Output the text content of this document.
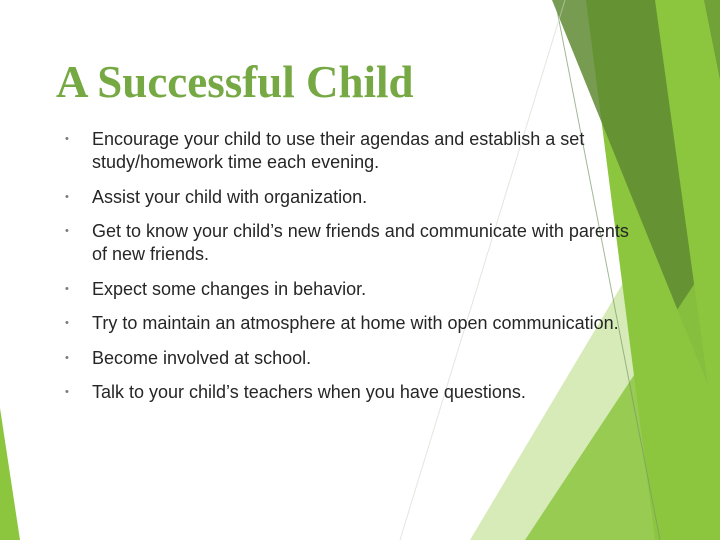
A Successful Child
• Encourage your child to use their agendas and establish a set study/homework time each evening.
• Assist your child with organization.
• Get to know your child’s new friends and communicate with parents of new friends.
• Expect some changes in behavior.
• Try to maintain an atmosphere at home with open communication.
• Become involved at school.
• Talk to your child’s teachers when you have questions.
